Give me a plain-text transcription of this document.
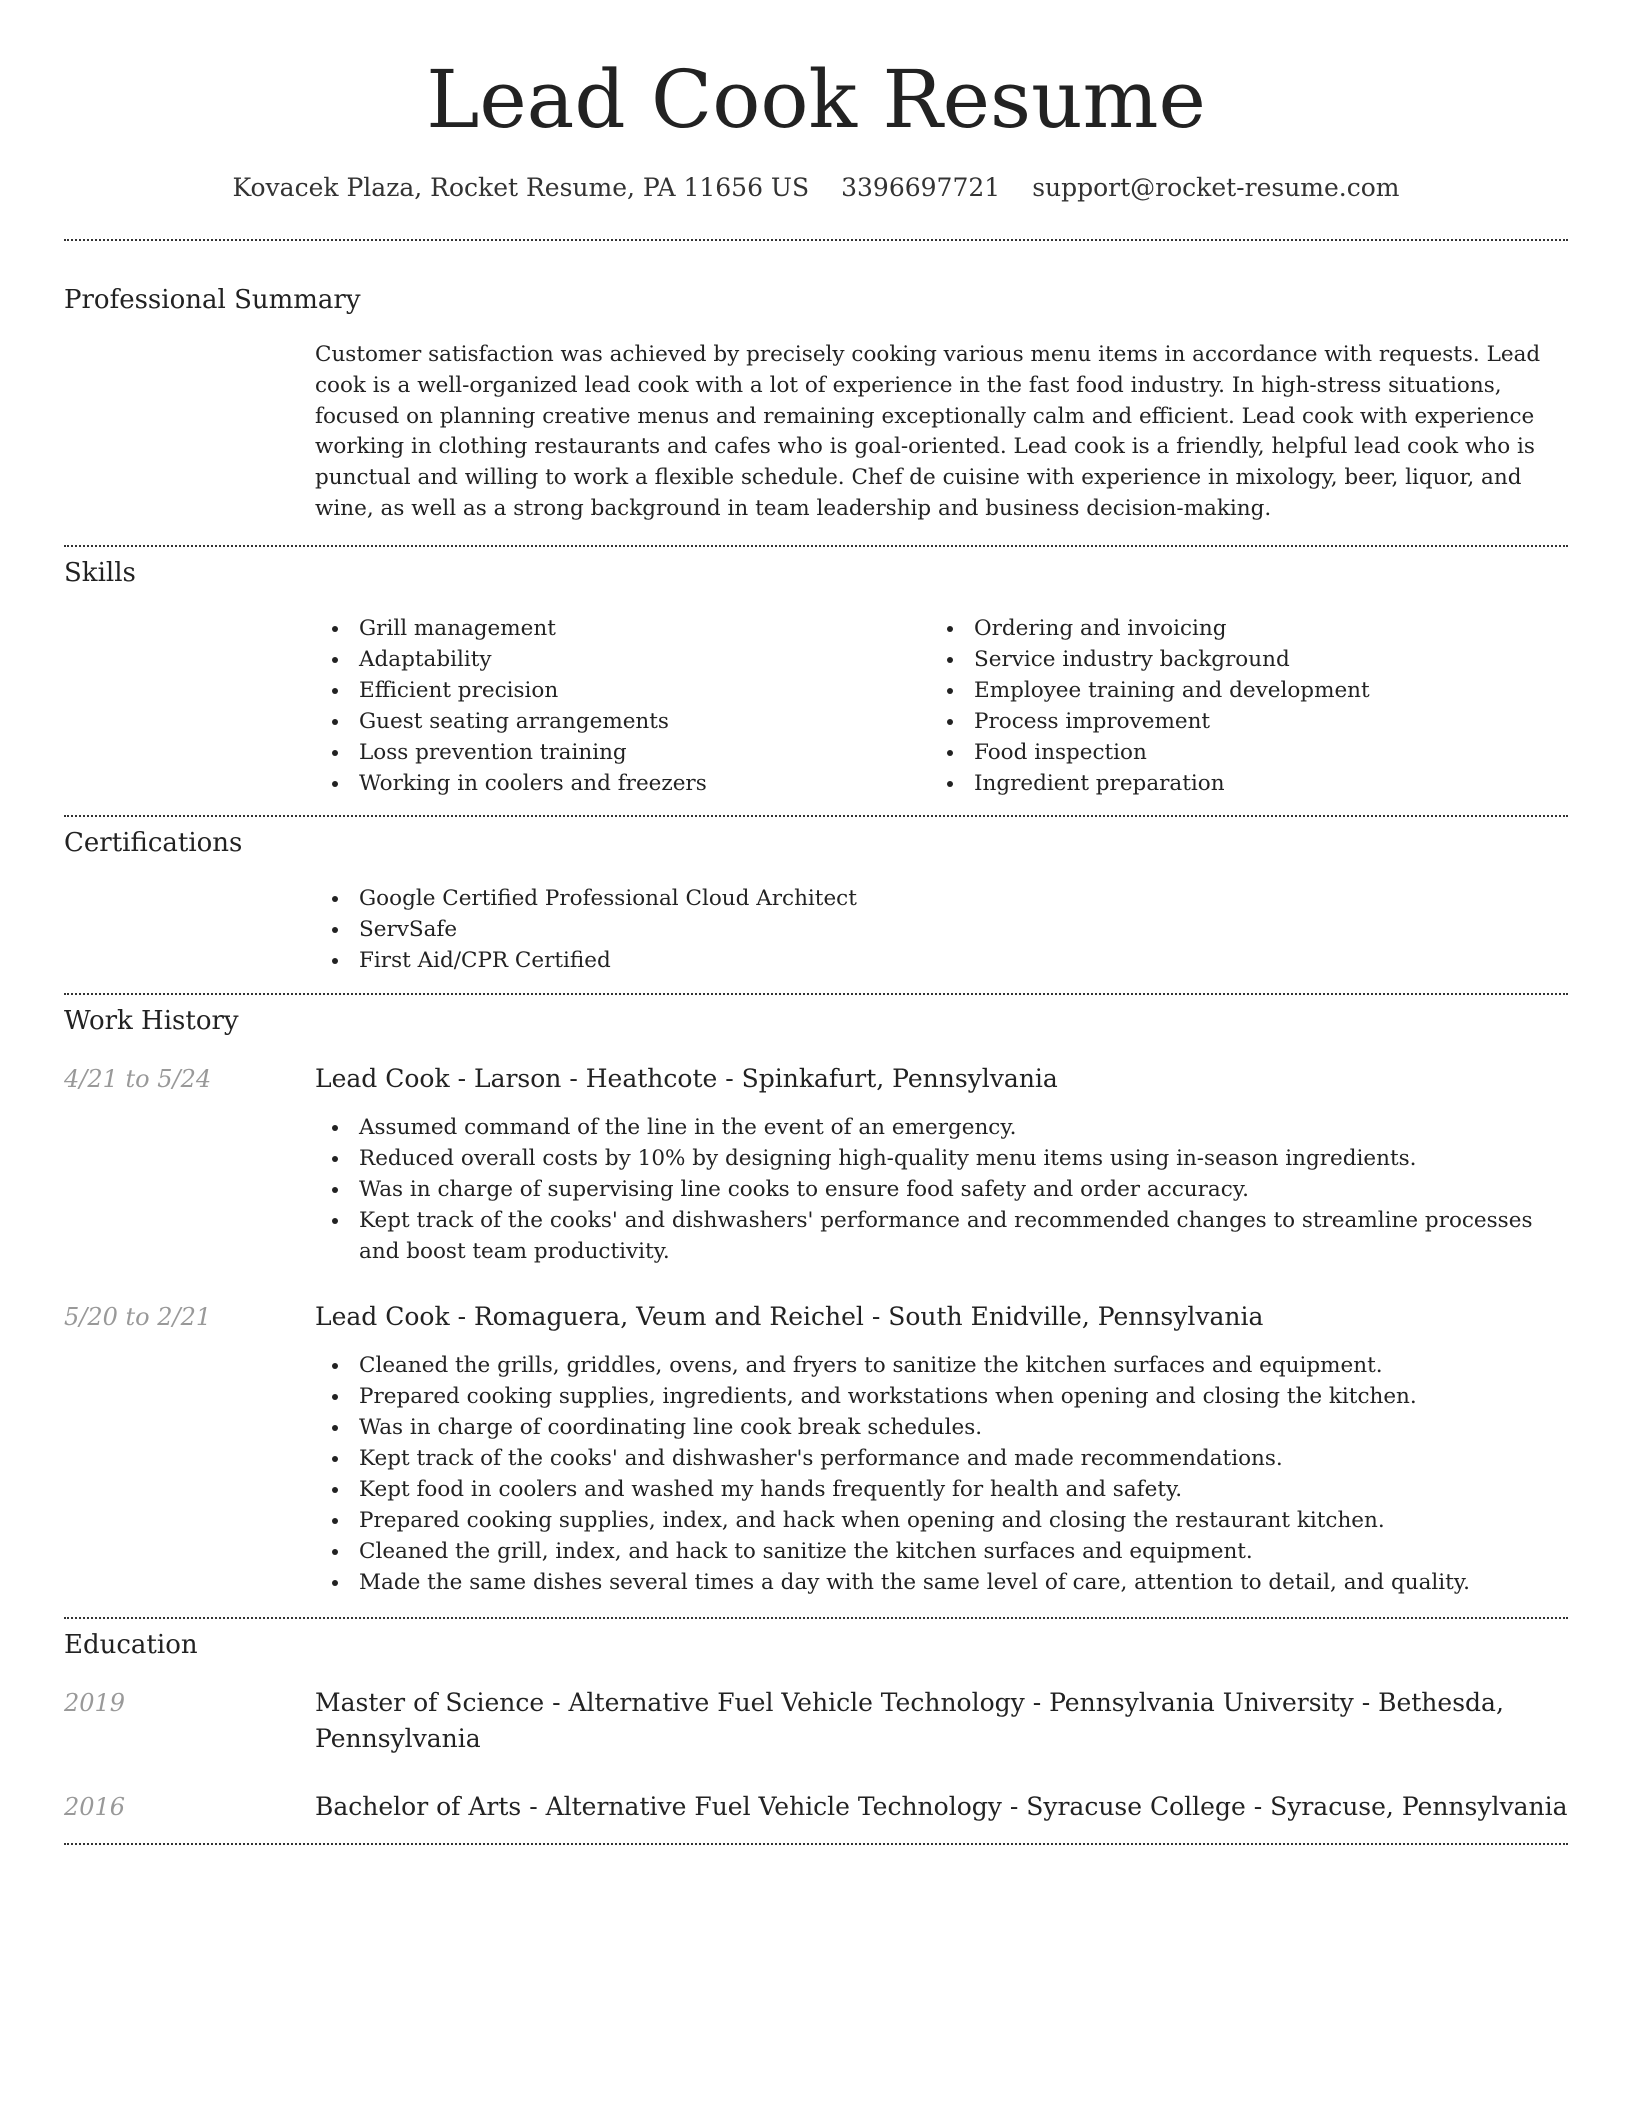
Lead Cook Resume
Kovacek Plaza, Rocket Resume, PA 11656 US 3396697721 support@rocket-resume.com
Professional Summary
Customer satisfaction was achieved by precisely cooking various menu items in accordance with requests. Lead cook is a well-organized lead cook with a lot of experience in the fast food industry. In high-stress situations, focused on planning creative menus and remaining exceptionally calm and efficient. Lead cook with experience working in clothing restaurants and cafes who is goal-oriented. Lead cook is a friendly, helpful lead cook who is punctual and willing to work a flexible schedule. Chef de cuisine with experience in mixology, beer, liquor, and wine, as well as a strong background in team leadership and business decision-making.
Skills
Grill management
Adaptability
Efficient precision
Guest seating arrangements
Loss prevention training
Working in coolers and freezers
Ordering and invoicing
Service industry background
Employee training and development
Process improvement
Food inspection
Ingredient preparation
Certifications
Google Certified Professional Cloud Architect
ServSafe
First Aid/CPR Certified
Work History
4/21 to 5/24	Lead Cook - Larson - Heathcote - Spinkafurt, Pennsylvania
Assumed command of the line in the event of an emergency.
Reduced overall costs by 10% by designing high-quality menu items using in-season ingredients.
Was in charge of supervising line cooks to ensure food safety and order accuracy.
Kept track of the cooks' and dishwashers' performance and recommended changes to streamline processes and boost team productivity.
5/20 to 2/21	Lead Cook - Romaguera, Veum and Reichel - South Enidville, Pennsylvania
Cleaned the grills, griddles, ovens, and fryers to sanitize the kitchen surfaces and equipment.
Prepared cooking supplies, ingredients, and workstations when opening and closing the kitchen.
Was in charge of coordinating line cook break schedules.
Kept track of the cooks' and dishwasher's performance and made recommendations.
Kept food in coolers and washed my hands frequently for health and safety.
Prepared cooking supplies, index, and hack when opening and closing the restaurant kitchen.
Cleaned the grill, index, and hack to sanitize the kitchen surfaces and equipment.
Made the same dishes several times a day with the same level of care, attention to detail, and quality.
Education
2019	Master of Science - Alternative Fuel Vehicle Technology - Pennsylvania University - Bethesda, Pennsylvania
2016	Bachelor of Arts - Alternative Fuel Vehicle Technology - Syracuse College - Syracuse, Pennsylvania
